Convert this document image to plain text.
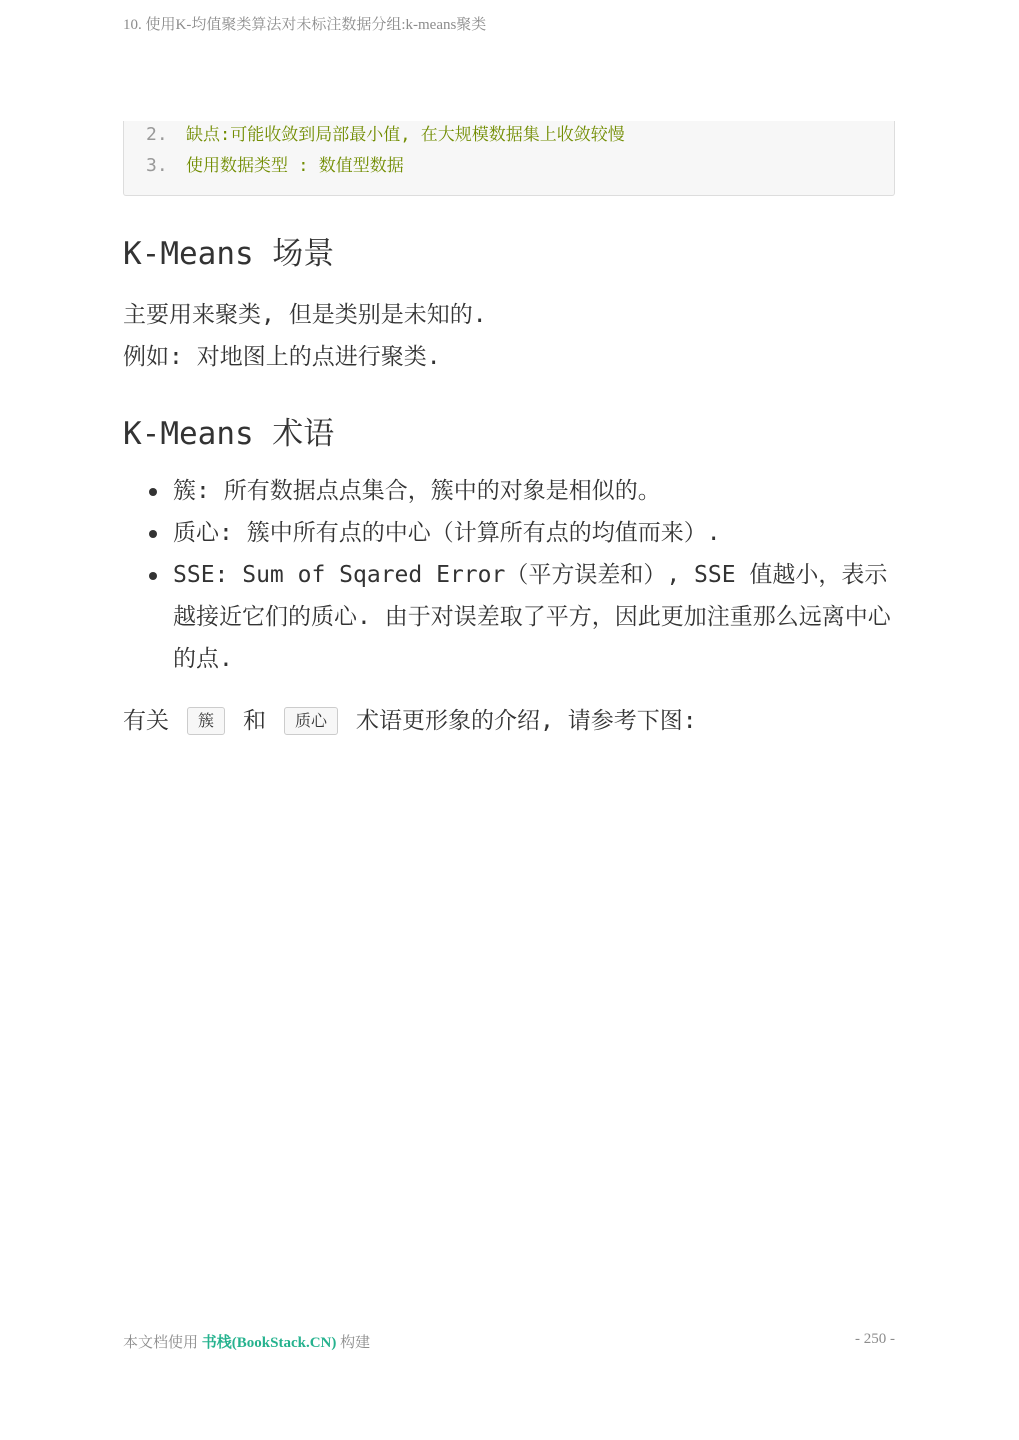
10. 使用K-均值聚类算法对未标注数据分组:k-means聚类
2. 缺点:可能收敛到局部最小值, 在大规模数据集上收敛较慢
3. 使用数据类型 : 数值型数据
K-Means 场景

主要用来聚类, 但是类别是未知的.

例如: 对地图上的点进行聚类.

K-Means 术语
簇: 所有数据点点集合，簇中的对象是相似的。
质心: 簇中所有点的中心（计算所有点的均值而来）.
SSE: Sum of Sqared Error（平方误差和）, SSE 值越小，表示越接近它们的质心. 由于对误差取了平方，因此更加注重那么远离中心的点.
有关 簇 和 质心 术语更形象的介绍, 请参考下图:
本文档使用 书栈(BookStack.CN) 构建	- 250 -
